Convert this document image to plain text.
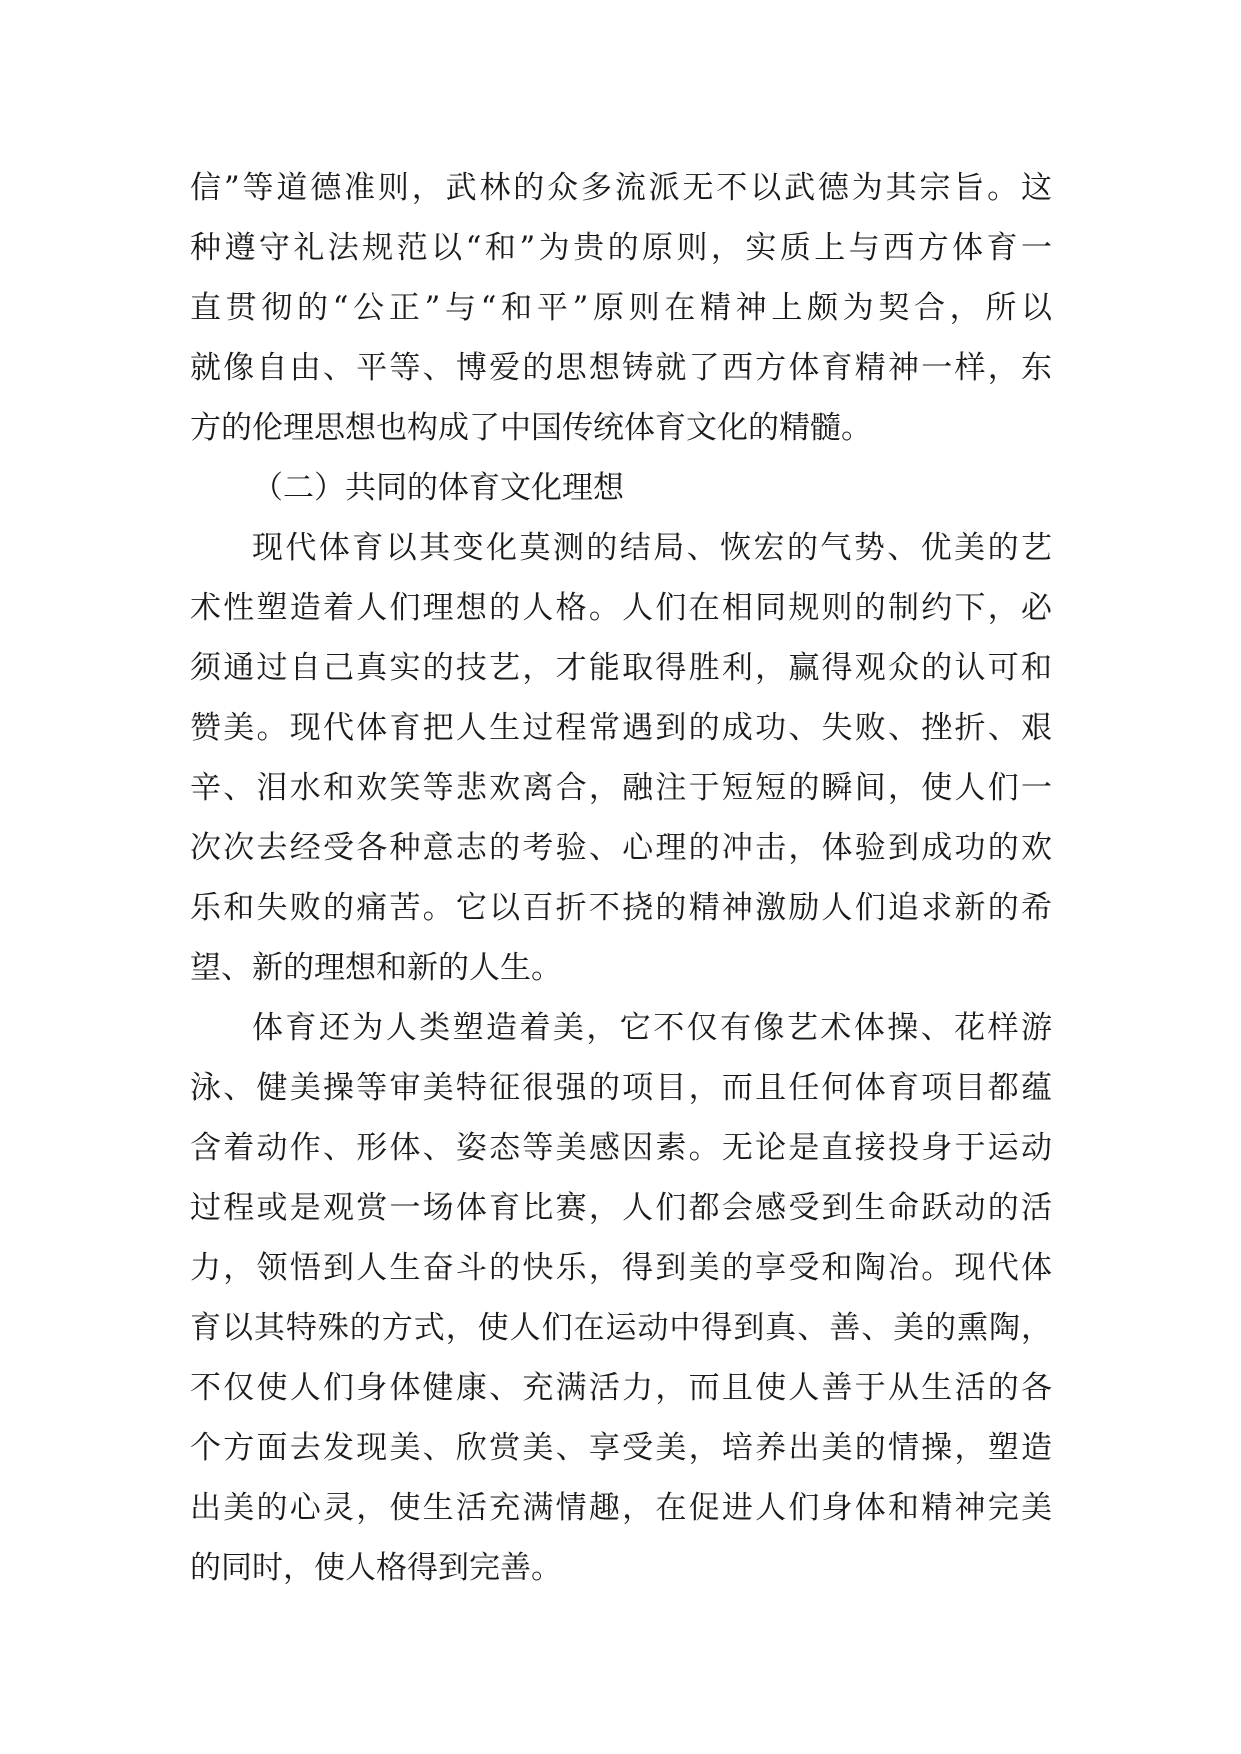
信”等道德准则，武林的众多流派无不以武德为其宗旨。这
种遵守礼法规范以“和”为贵的原则，实质上与西方体育一
直贯彻的“公正”与“和平”原则在精神上颇为契合，所以
就像自由、平等、博爱的思想铸就了西方体育精神一样，东
方的伦理思想也构成了中国传统体育文化的精髓。
（二）共同的体育文化理想
现代体育以其变化莫测的结局、恢宏的气势、优美的艺
术性塑造着人们理想的人格。人们在相同规则的制约下，必
须通过自己真实的技艺，才能取得胜利，赢得观众的认可和
赞美。现代体育把人生过程常遇到的成功、失败、挫折、艰
辛、泪水和欢笑等悲欢离合，融注于短短的瞬间，使人们一
次次去经受各种意志的考验、心理的冲击，体验到成功的欢
乐和失败的痛苦。它以百折不挠的精神激励人们追求新的希
望、新的理想和新的人生。
体育还为人类塑造着美，它不仅有像艺术体操、花样游
泳、健美操等审美特征很强的项目，而且任何体育项目都蕴
含着动作、形体、姿态等美感因素。无论是直接投身于运动
过程或是观赏一场体育比赛，人们都会感受到生命跃动的活
力，领悟到人生奋斗的快乐，得到美的享受和陶冶。现代体
育以其特殊的方式，使人们在运动中得到真、善、美的熏陶，
不仅使人们身体健康、充满活力，而且使人善于从生活的各
个方面去发现美、欣赏美、享受美，培养出美的情操，塑造
出美的心灵，使生活充满情趣，在促进人们身体和精神完美
的同时，使人格得到完善。
